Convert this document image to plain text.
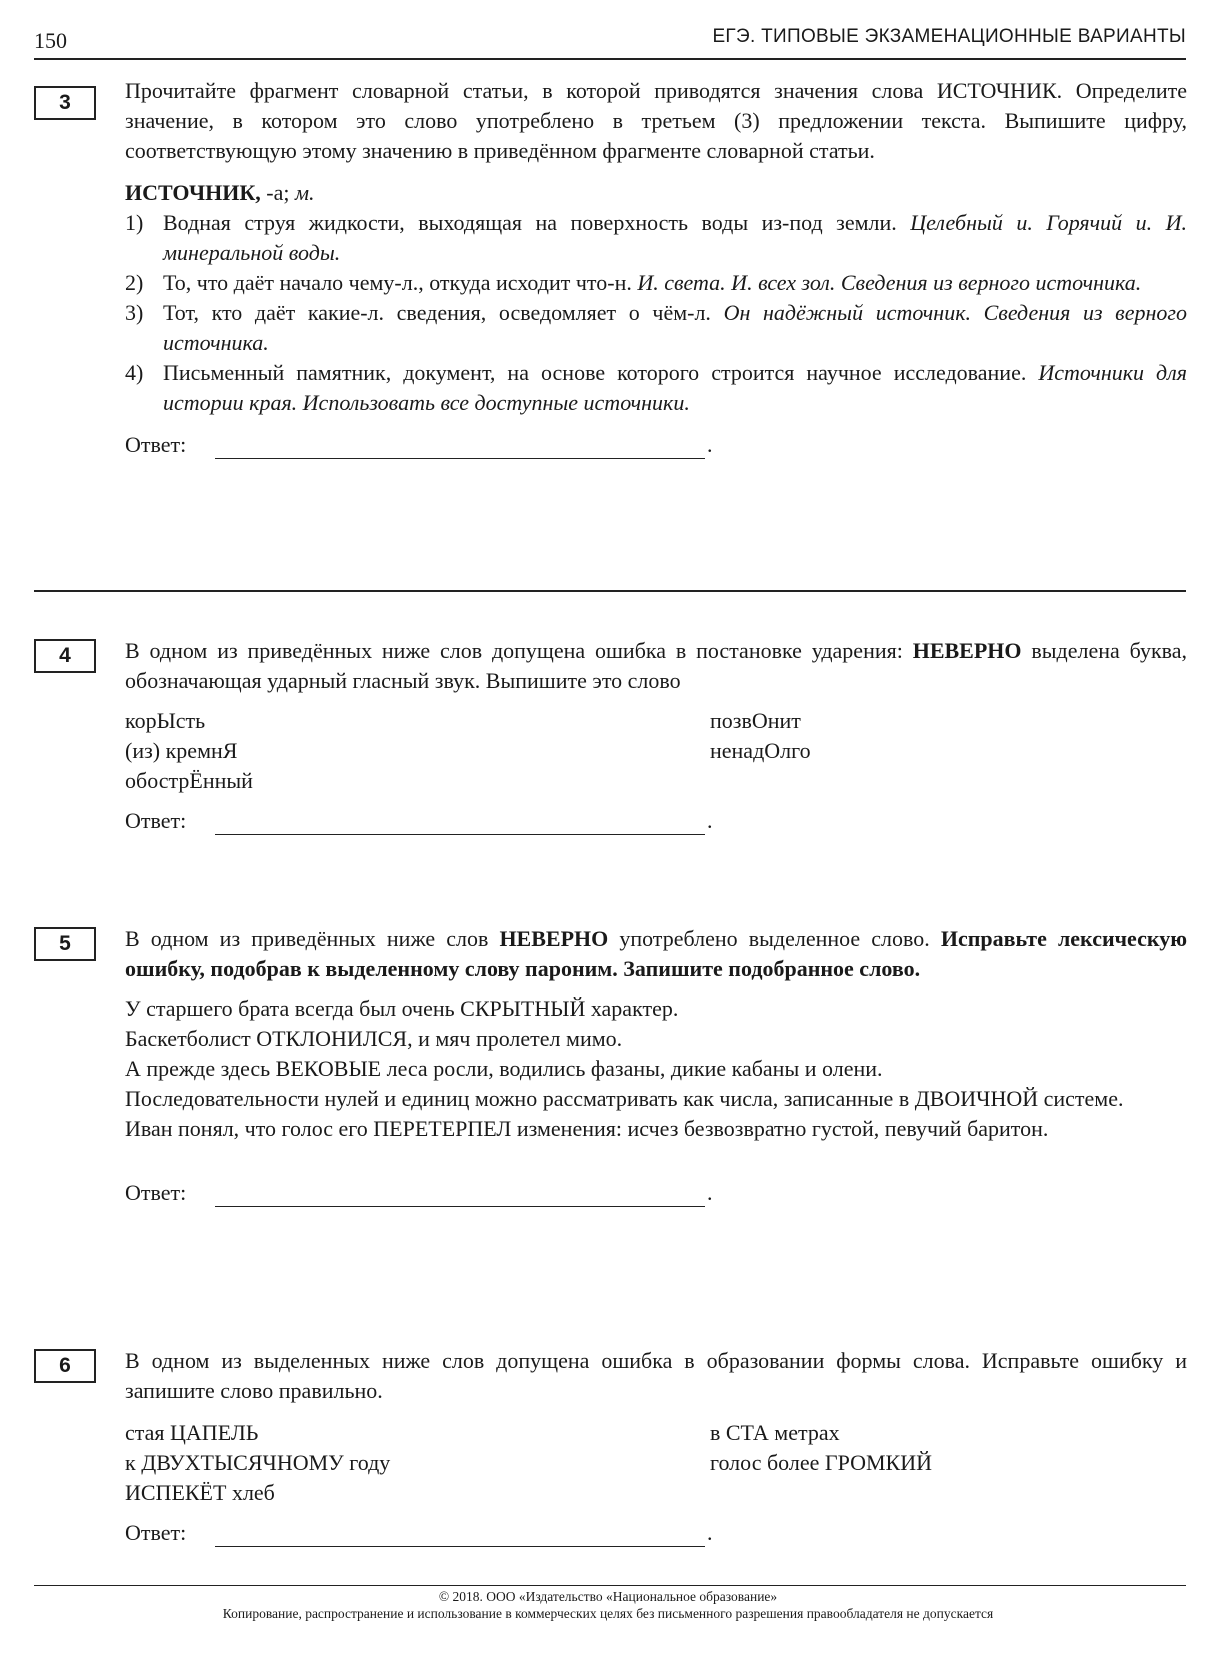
150	ЕГЭ. ТИПОВЫЕ ЭКЗАМЕНАЦИОННЫЕ ВАРИАНТЫ
3	Прочитайте фрагмент словарной статьи, в которой приводятся значения слова ИСТОЧНИК. Определите значение, в котором это слово употреблено в третьем (3) предложении текста. Выпишите цифру, соответствующую этому значению в приведённом фрагменте словарной статьи.

ИСТОЧНИК, -а; м.

1) Водная струя жидкости, выходящая на поверхность воды из-под земли. Целебный и. Горячий и. И. минеральной воды.
2) То, что даёт начало чему-л., откуда исходит что-н. И. света. И. всех зол. Сведения из верного источника.
3) Тот, кто даёт какие-л. сведения, осведомляет о чём-л. Он надёжный источник. Сведения из верного источника.
4) Письменный памятник, документ, на основе которого строится научное исследование. Источники для истории края. Использовать все доступные источники.
Ответ:	.
4	В одном из приведённых ниже слов допущена ошибка в постановке ударения: НЕВЕРНО выделена буква, обозначающая ударный гласный звук. Выпишите это слово

корЫсть
(из) кремнЯ
обострЁнный
позвОнит
ненадОлго
Ответ:	.
5	В одном из приведённых ниже слов НЕВЕРНО употреблено выделенное слово. Исправьте лексическую ошибку, подобрав к выделенному слову пароним. Запишите подобранное слово.

У старшего брата всегда был очень СКРЫТНЫЙ характер.
Баскетболист ОТКЛОНИЛСЯ, и мяч пролетел мимо.
А прежде здесь ВЕКОВЫЕ леса росли, водились фазаны, дикие кабаны и олени.
Последовательности нулей и единиц можно рассматривать как числа, записанные в ДВОИЧНОЙ системе.
Иван понял, что голос его ПЕРЕТЕРПЕЛ изменения: исчез безвозвратно густой, певучий баритон.
Ответ:	.
6	В одном из выделенных ниже слов допущена ошибка в образовании формы слова. Исправьте ошибку и запишите слово правильно.

стая ЦАПЕЛЬ
к ДВУХТЫСЯЧНОМУ году
ИСПЕКЁТ хлеб
в СТА метрах
голос более ГРОМКИЙ
Ответ:	.
© 2018. ООО «Издательство «Национальное образование»
Копирование, распространение и использование в коммерческих целях без письменного разрешения правообладателя не допускается
